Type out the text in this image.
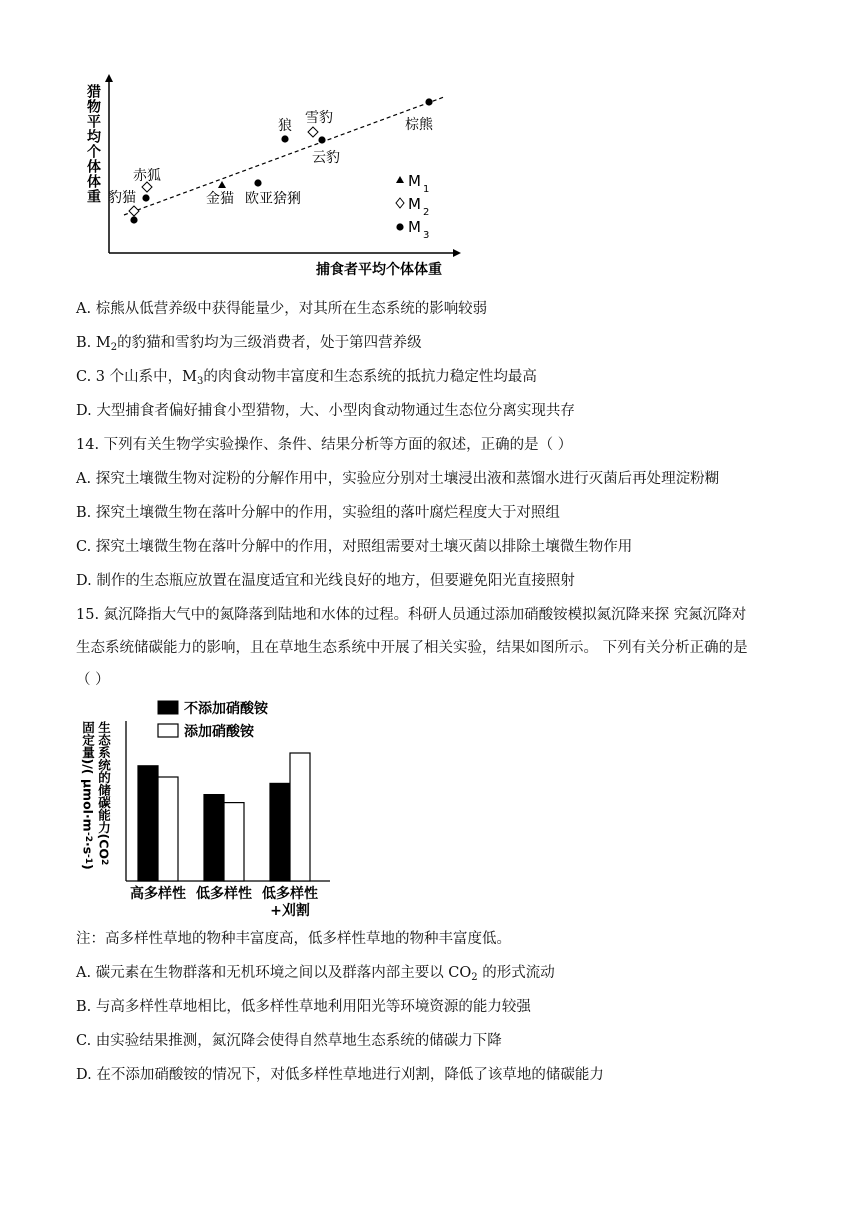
猎物平均个体体重
捕食者平均个体体重
金猫
赤狐
豹猫
雪豹
欧亚猞猁
狼
云豹
棕熊
M 1
M 2
M 3
A. 棕熊从低营养级中获得能量少，对其所在生态系统的影响较弱
B. $M_2$的豹猫和雪豹均为三级消费者，处于第四营养级
C. 3 个山系中，$M_3$的肉食动物丰富度和生态系统的抵抗力稳定性均最高
D. 大型捕食者偏好捕食小型猎物，大、小型肉食动物通过生态位分离实现共存
14. 下列有关生物学实验操作、条件、结果分析等方面的叙述，正确的是（ ）
A. 探究土壤微生物对淀粉的分解作用中，实验应分别对土壤浸出液和蒸馏水进行灭菌后再处理淀粉糊
B. 探究土壤微生物在落叶分解中的作用，实验组的落叶腐烂程度大于对照组
C. 探究土壤微生物在落叶分解中的作用，对照组需要对土壤灭菌以排除土壤微生物作用
D. 制作的生态瓶应放置在温度适宜和光线良好的地方，但要避免阳光直接照射
15. 氮沉降指大气中的氮降落到陆地和水体的过程。科研人员通过添加硝酸铵模拟氮沉降来探 究氮沉降对
生态系统储碳能力的影响，且在草地生态系统中开展了相关实验，结果如图所示。 下列有关分析正确的是
（ ）
不添加硝酸铵
添加硝酸铵
生态系统的储碳能力(CO 2
固定量)/( μmol·m -2 ·s -1 )
高多样性 低多样性 低多样性
+刈割
注：高多样性草地的物种丰富度高，低多样性草地的物种丰富度低。
A. 碳元素在生物群落和无机环境之间以及群落内部主要以 $CO_2$ 的形式流动
B. 与高多样性草地相比，低多样性草地利用阳光等环境资源的能力较强
C. 由实验结果推测，氮沉降会使得自然草地生态系统的储碳力下降
D. 在不添加硝酸铵的情况下，对低多样性草地进行刈割，降低了该草地的储碳能力
